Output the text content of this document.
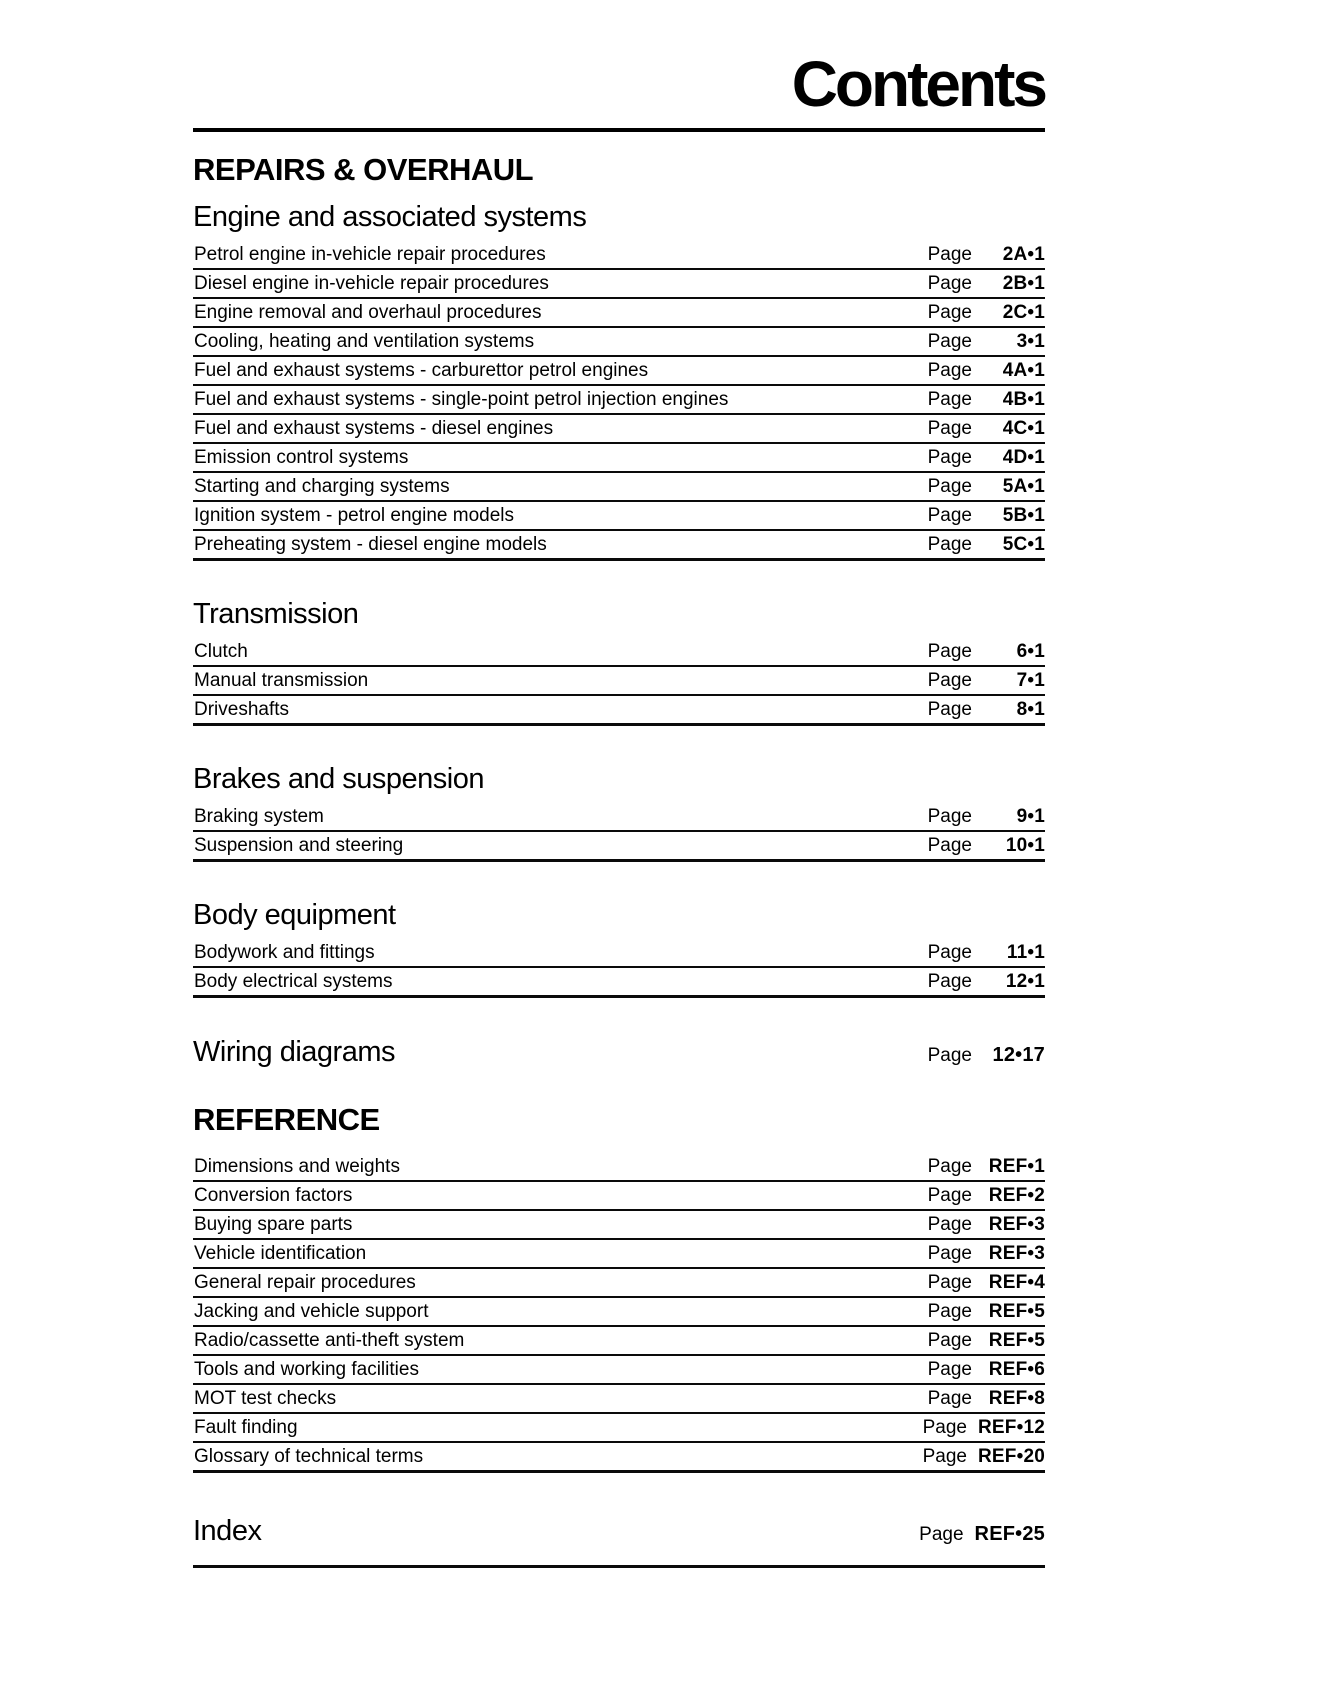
Contents
REPAIRS & OVERHAUL
Engine and associated systems
Petrol engine in-vehicle repair procedures	Page	2A•1
Diesel engine in-vehicle repair procedures	Page	2B•1
Engine removal and overhaul procedures	Page	2C•1
Cooling, heating and ventilation systems	Page	3•1
Fuel and exhaust systems - carburettor petrol engines	Page	4A•1
Fuel and exhaust systems - single-point petrol injection engines	Page	4B•1
Fuel and exhaust systems - diesel engines	Page	4C•1
Emission control systems	Page	4D•1
Starting and charging systems	Page	5A•1
Ignition system - petrol engine models	Page	5B•1
Preheating system - diesel engine models	Page	5C•1
Transmission
Clutch	Page	6•1
Manual transmission	Page	7•1
Driveshafts	Page	8•1
Brakes and suspension
Braking system	Page	9•1
Suspension and steering	Page	10•1
Body equipment
Bodywork and fittings	Page	11•1
Body electrical systems	Page	12•1
Wiring diagrams	Page	12•17
REFERENCE
Dimensions and weights	Page REF•1
Conversion factors	Page REF•2
Buying spare parts	Page REF•3
Vehicle identification	Page REF•3
General repair procedures	Page REF•4
Jacking and vehicle support	Page REF•5
Radio/cassette anti-theft system	Page REF•5
Tools and working facilities	Page REF•6
MOT test checks	Page REF•8
Fault finding	Page REF•12
Glossary of technical terms	Page REF•20
Index	Page REF•25
